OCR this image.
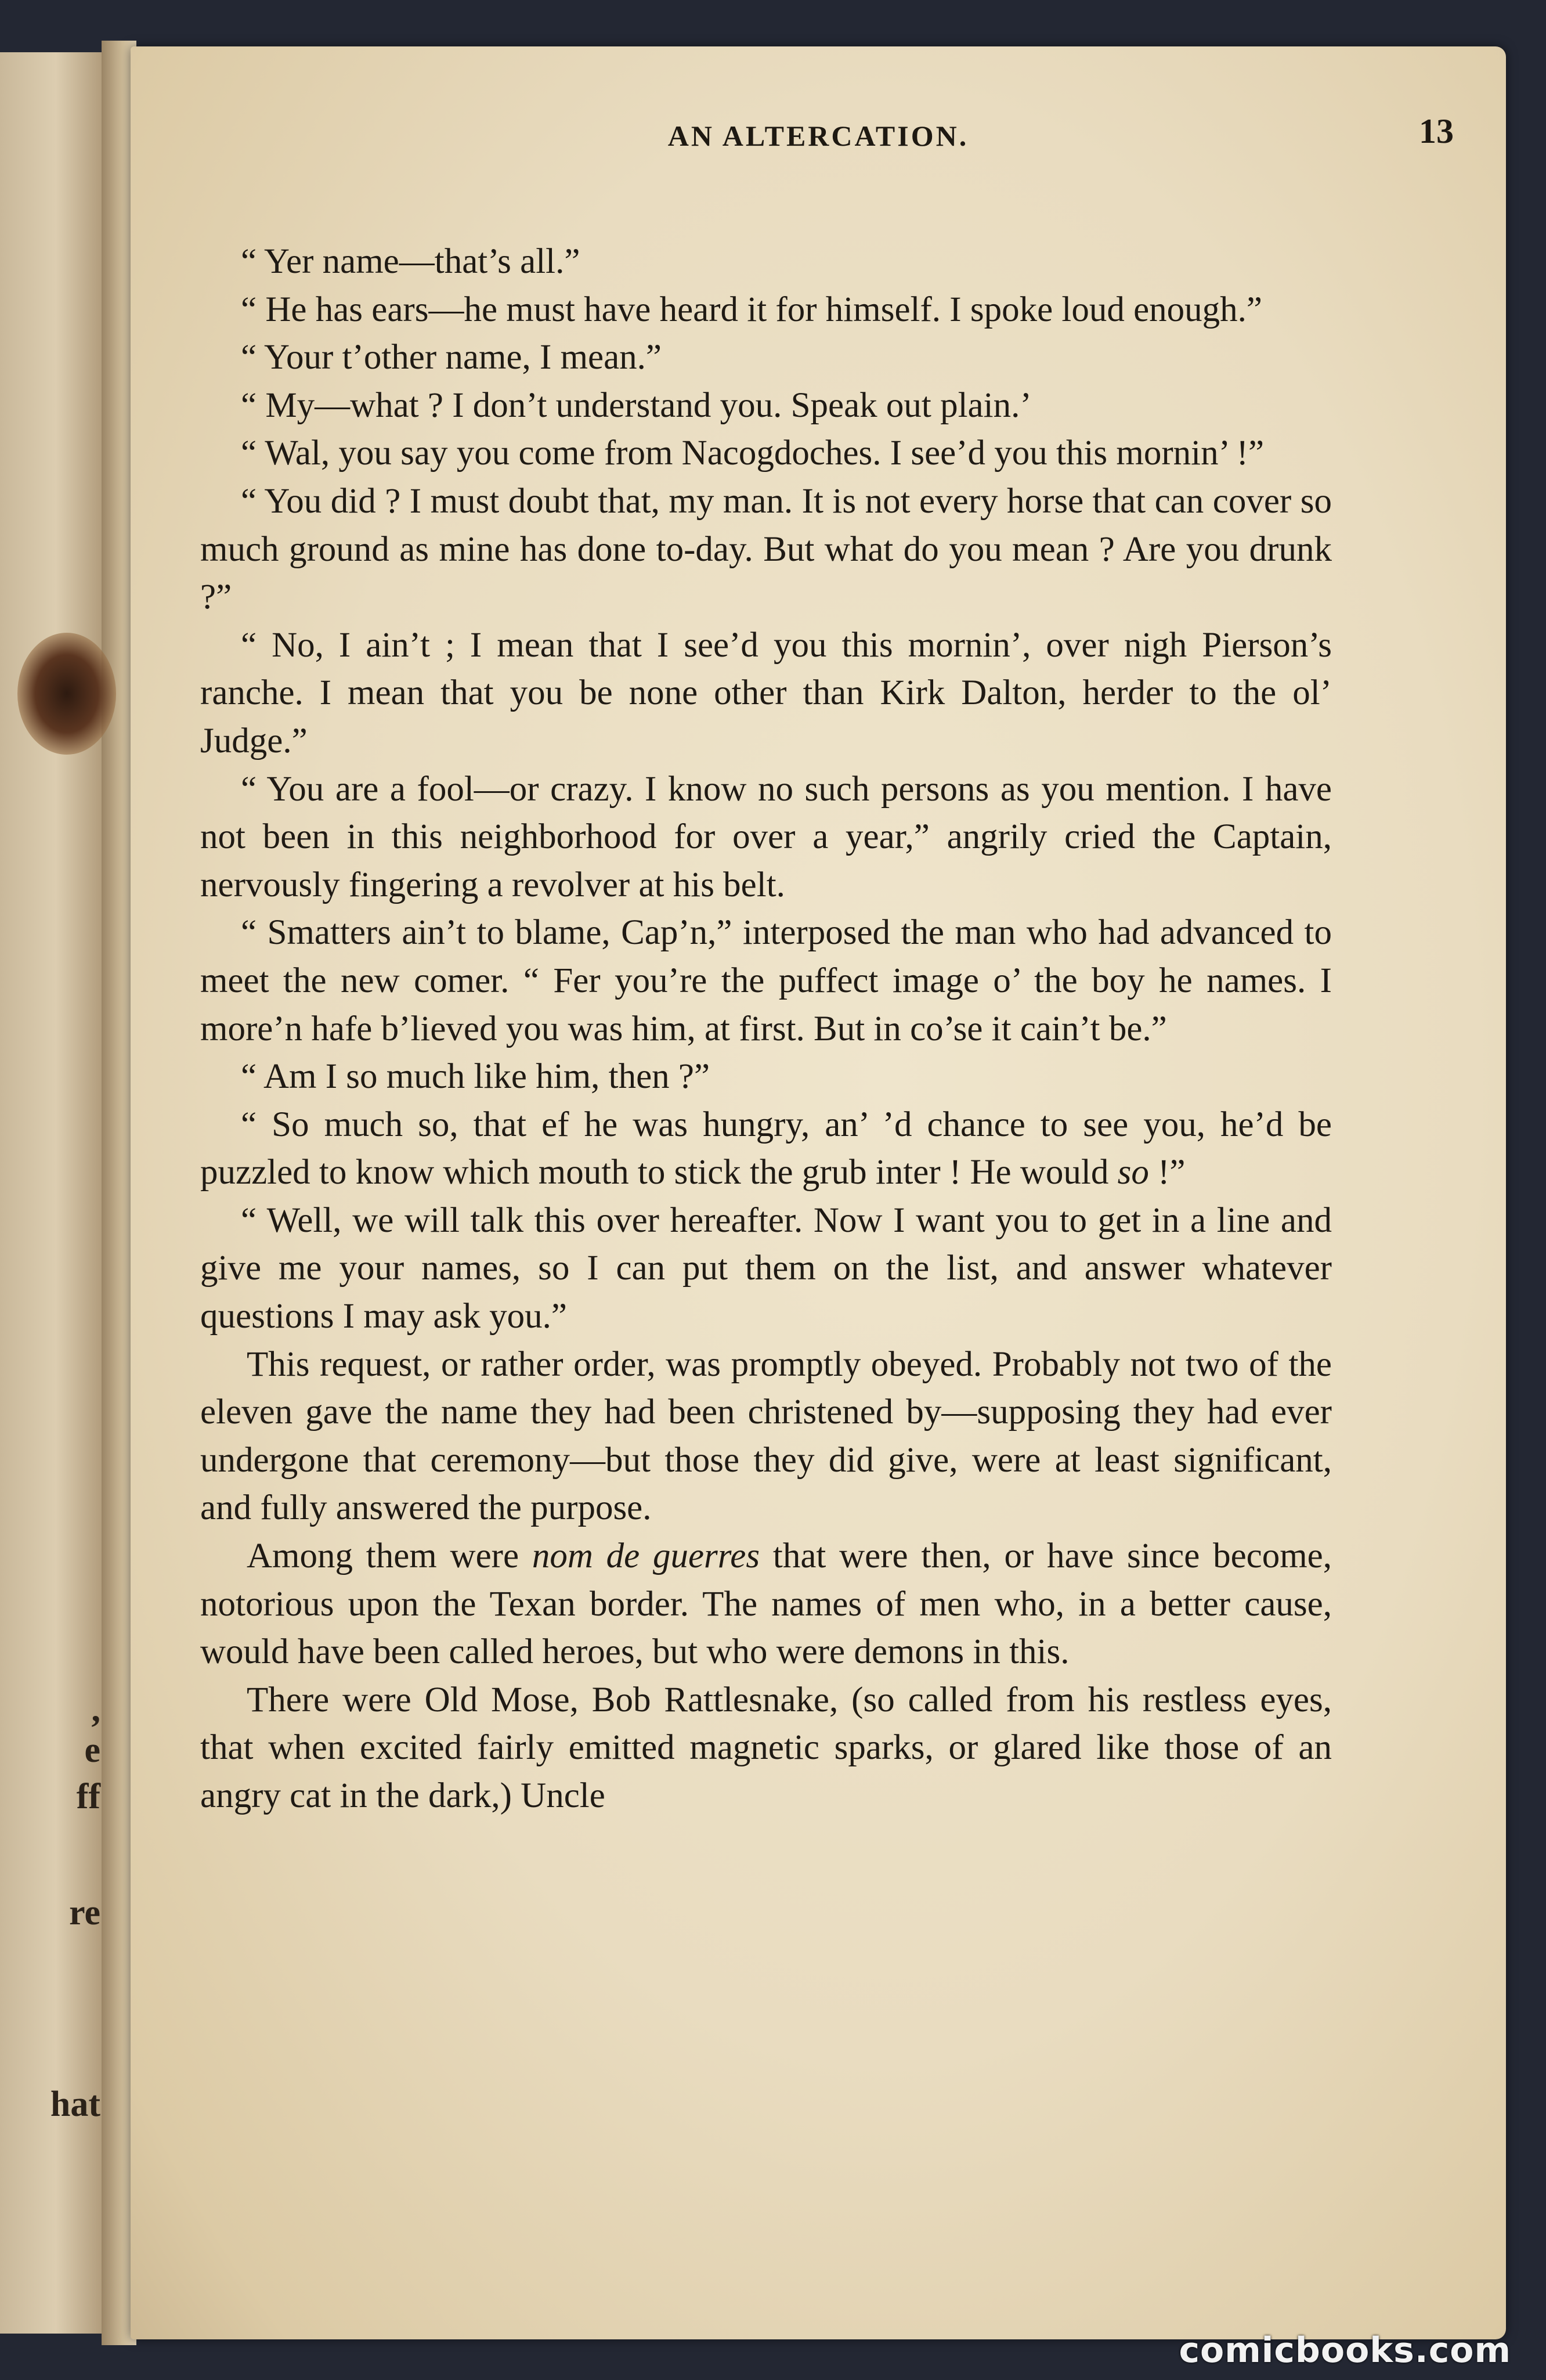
,
e
ff
re
hat
AN ALTERCATION.	13

“ Yer name—that’s all.”

“ He has ears—he must have heard it for himself. I spoke loud enough.”

“ Your t’other name, I mean.”

“ My—what ? I don’t understand you. Speak out plain.’

“ Wal, you say you come from Nacogdoches. I see’d you this mornin’ !”

“ You did ? I must doubt that, my man. It is not every horse that can cover so much ground as mine has done to-day. But what do you mean ? Are you drunk ?”

“ No, I ain’t ; I mean that I see’d you this mornin’, over nigh Pierson’s ranche. I mean that you be none other than Kirk Dalton, herder to the ol’ Judge.”

“ You are a fool—or crazy. I know no such persons as you mention. I have not been in this neighborhood for over a year,” angrily cried the Captain, nervously fingering a revolver at his belt.

“ Smatters ain’t to blame, Cap’n,” interposed the man who had advanced to meet the new comer. “ Fer you’re the puffect image o’ the boy he names. I more’n hafe b’lieved you was him, at first. But in co’se it cain’t be.”

“ Am I so much like him, then ?”

“ So much so, that ef he was hungry, an’ ’d chance to see you, he’d be puzzled to know which mouth to stick the grub inter ! He would so !”

“ Well, we will talk this over hereafter. Now I want you to get in a line and give me your names, so I can put them on the list, and answer whatever questions I may ask you.”

This request, or rather order, was promptly obeyed. Probably not two of the eleven gave the name they had been christened by—supposing they had ever undergone that ceremony—but those they did give, were at least significant, and fully answered the purpose.

Among them were nom de guerres that were then, or have since become, notorious upon the Texan border. The names of men who, in a better cause, would have been called heroes, but who were demons in this.

There were Old Mose, Bob Rattlesnake, (so called from his restless eyes, that when excited fairly emitted magnetic sparks, or glared like those of an angry cat in the dark,) Uncle

comicbooks.com
